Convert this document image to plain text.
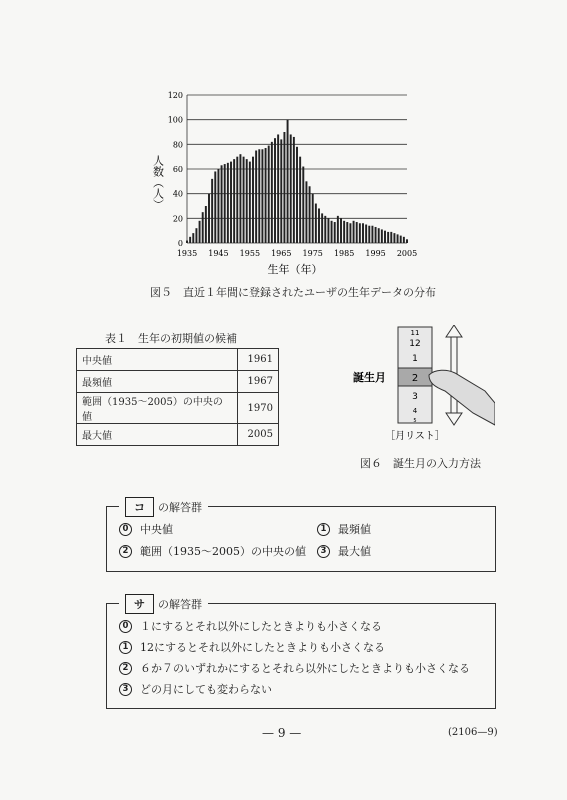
0
20
40
60
80
100
120
1935 1945 1955 1965 1975 1985 1995 2005
人数（人）
生年（年）
図５　直近１年間に登録されたユーザの生年データの分布
表１　生年の初期値の候補
中央値	1961
最頻値	1967
範囲（1935～2005）の中央の値	1970
最大値	2005
11
12
1
2
3
4
5
誕生月
［月リスト］
図６　誕生月の入力方法
コ	の解答群
0	中央値	1	最頻値
2	範囲（1935～2005）の中央の値	3	最大値
サ	の解答群
0	１にするとそれ以外にしたときよりも小さくなる
1	12にするとそれ以外にしたときよりも小さくなる
2	６か７のいずれかにするとそれら以外にしたときよりも小さくなる
3	どの月にしても変わらない
— 9 —	(2106—9)
